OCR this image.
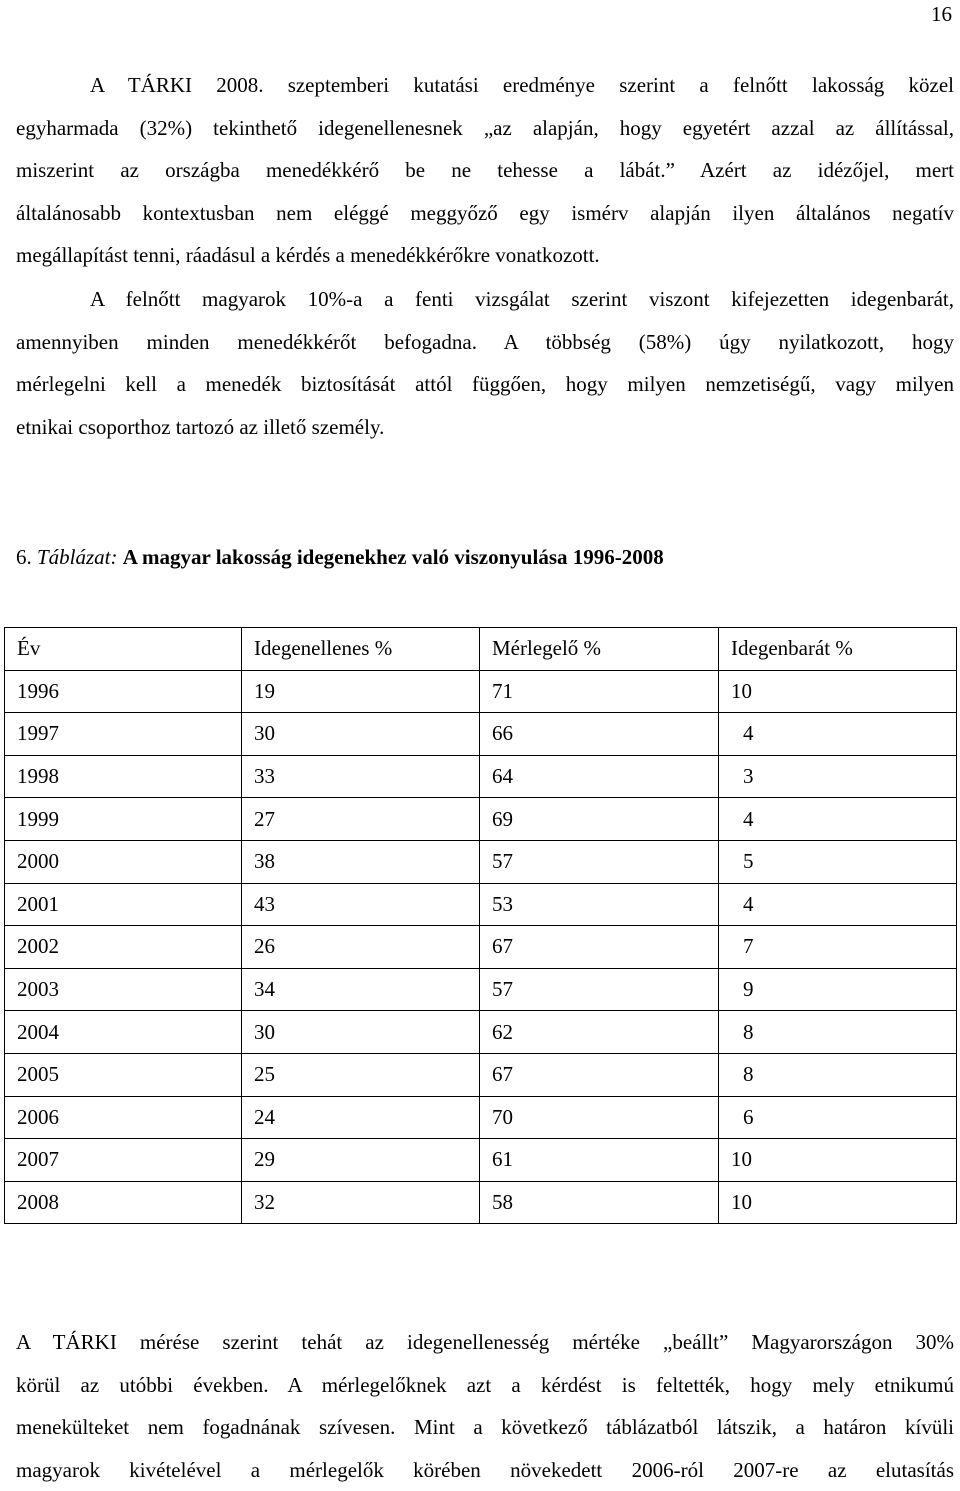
16
A TÁRKI 2008. szeptemberi kutatási eredménye szerint a felnőtt lakosság közel
egyharmada (32%) tekinthető idegenellenesnek „az alapján, hogy egyetért azzal az állítással,
miszerint az országba menedékkérő be ne tehesse a lábát.” Azért az idézőjel, mert
általánosabb kontextusban nem eléggé meggyőző egy ismérv alapján ilyen általános negatív
megállapítást tenni, ráadásul a kérdés a menedékkérőkre vonatkozott.
A felnőtt magyarok 10%-a a fenti vizsgálat szerint viszont kifejezetten idegenbarát,
amennyiben minden menedékkérőt befogadna. A többség (58%) úgy nyilatkozott, hogy
mérlegelni kell a menedék biztosítását attól függően, hogy milyen nemzetiségű, vagy milyen
etnikai csoporthoz tartozó az illető személy.
6. Táblázat: A magyar lakosság idegenekhez való viszonyulása 1996-2008
Év	Idegenellenes %	Mérlegelő %	Idegenbarát %
1996	19	71	10
1997	30	66	4
1998	33	64	3
1999	27	69	4
2000	38	57	5
2001	43	53	4
2002	26	67	7
2003	34	57	9
2004	30	62	8
2005	25	67	8
2006	24	70	6
2007	29	61	10
2008	32	58	10
A TÁRKI mérése szerint tehát az idegenellenesség mértéke „beállt” Magyarországon 30%
körül az utóbbi években. A mérlegelőknek azt a kérdést is feltették, hogy mely etnikumú
menekülteket nem fogadnának szívesen. Mint a következő táblázatból látszik, a határon kívüli
magyarok kivételével a mérlegelők körében növekedett 2006-ról 2007-re az elutasítás
